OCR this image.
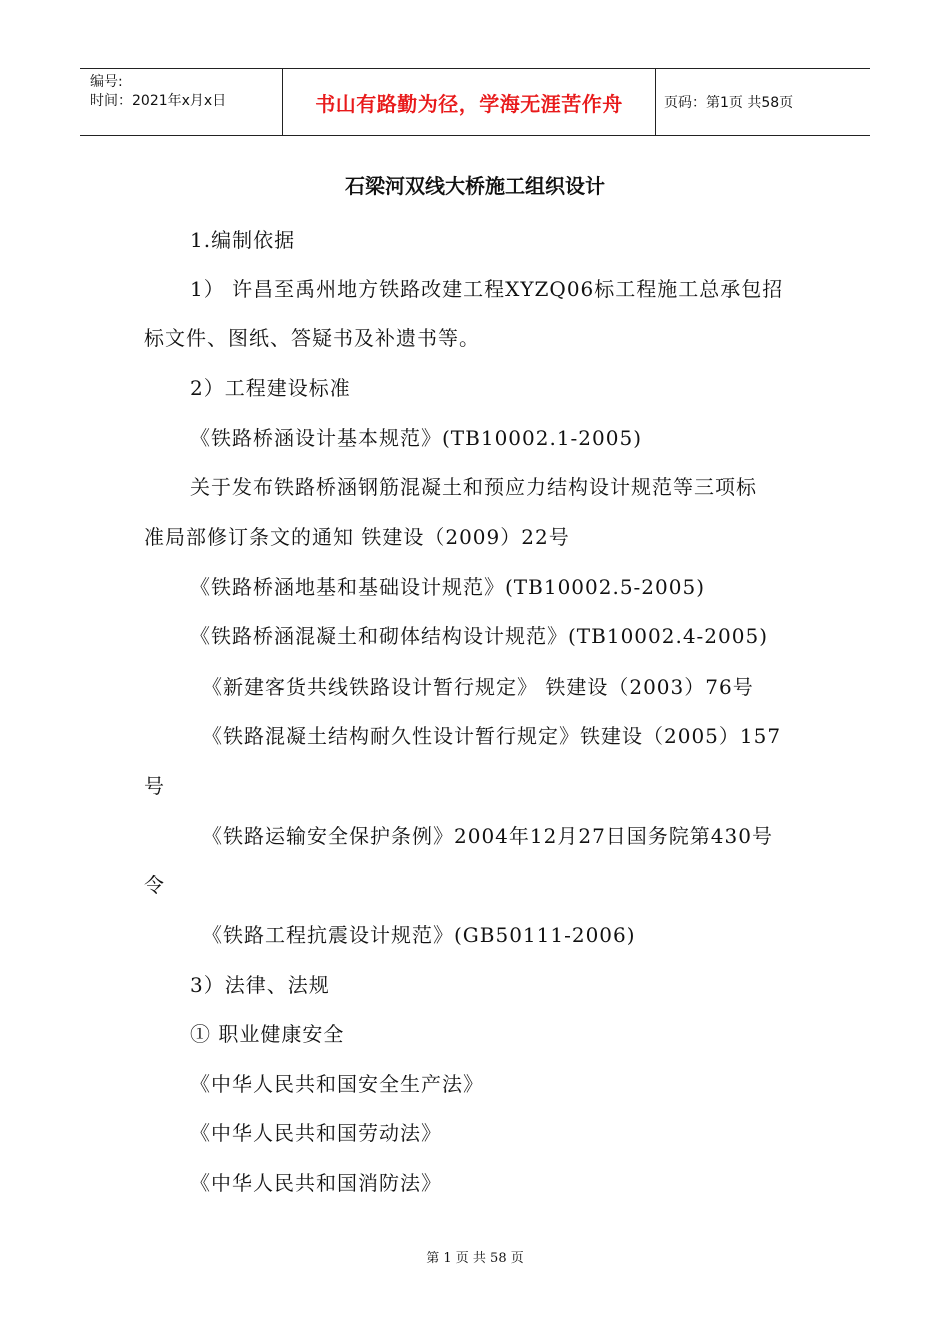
编号:
时间：2021年x月x日	书山有路勤为径，学海无涯苦作舟	页码：第1页 共58页
石梁河双线大桥施工组织设计
1.编制依据
1） 许昌至禹州地方铁路改建工程XYZQ06标工程施工总承包招
标文件、图纸、答疑书及补遗书等。
2）工程建设标准
《铁路桥涵设计基本规范》(TB10002.1-2005)
关于发布铁路桥涵钢筋混凝土和预应力结构设计规范等三项标
准局部修订条文的通知 铁建设（2009）22号
《铁路桥涵地基和基础设计规范》(TB10002.5-2005)
《铁路桥涵混凝土和砌体结构设计规范》(TB10002.4-2005)
《新建客货共线铁路设计暂行规定》 铁建设（2003）76号
《铁路混凝土结构耐久性设计暂行规定》铁建设（2005）157
号
《铁路运输安全保护条例》2004年12月27日国务院第430号
令
《铁路工程抗震设计规范》(GB50111-2006)
3）法律、法规
① 职业健康安全
《中华人民共和国安全生产法》
《中华人民共和国劳动法》
《中华人民共和国消防法》
第 1 页 共 58 页
